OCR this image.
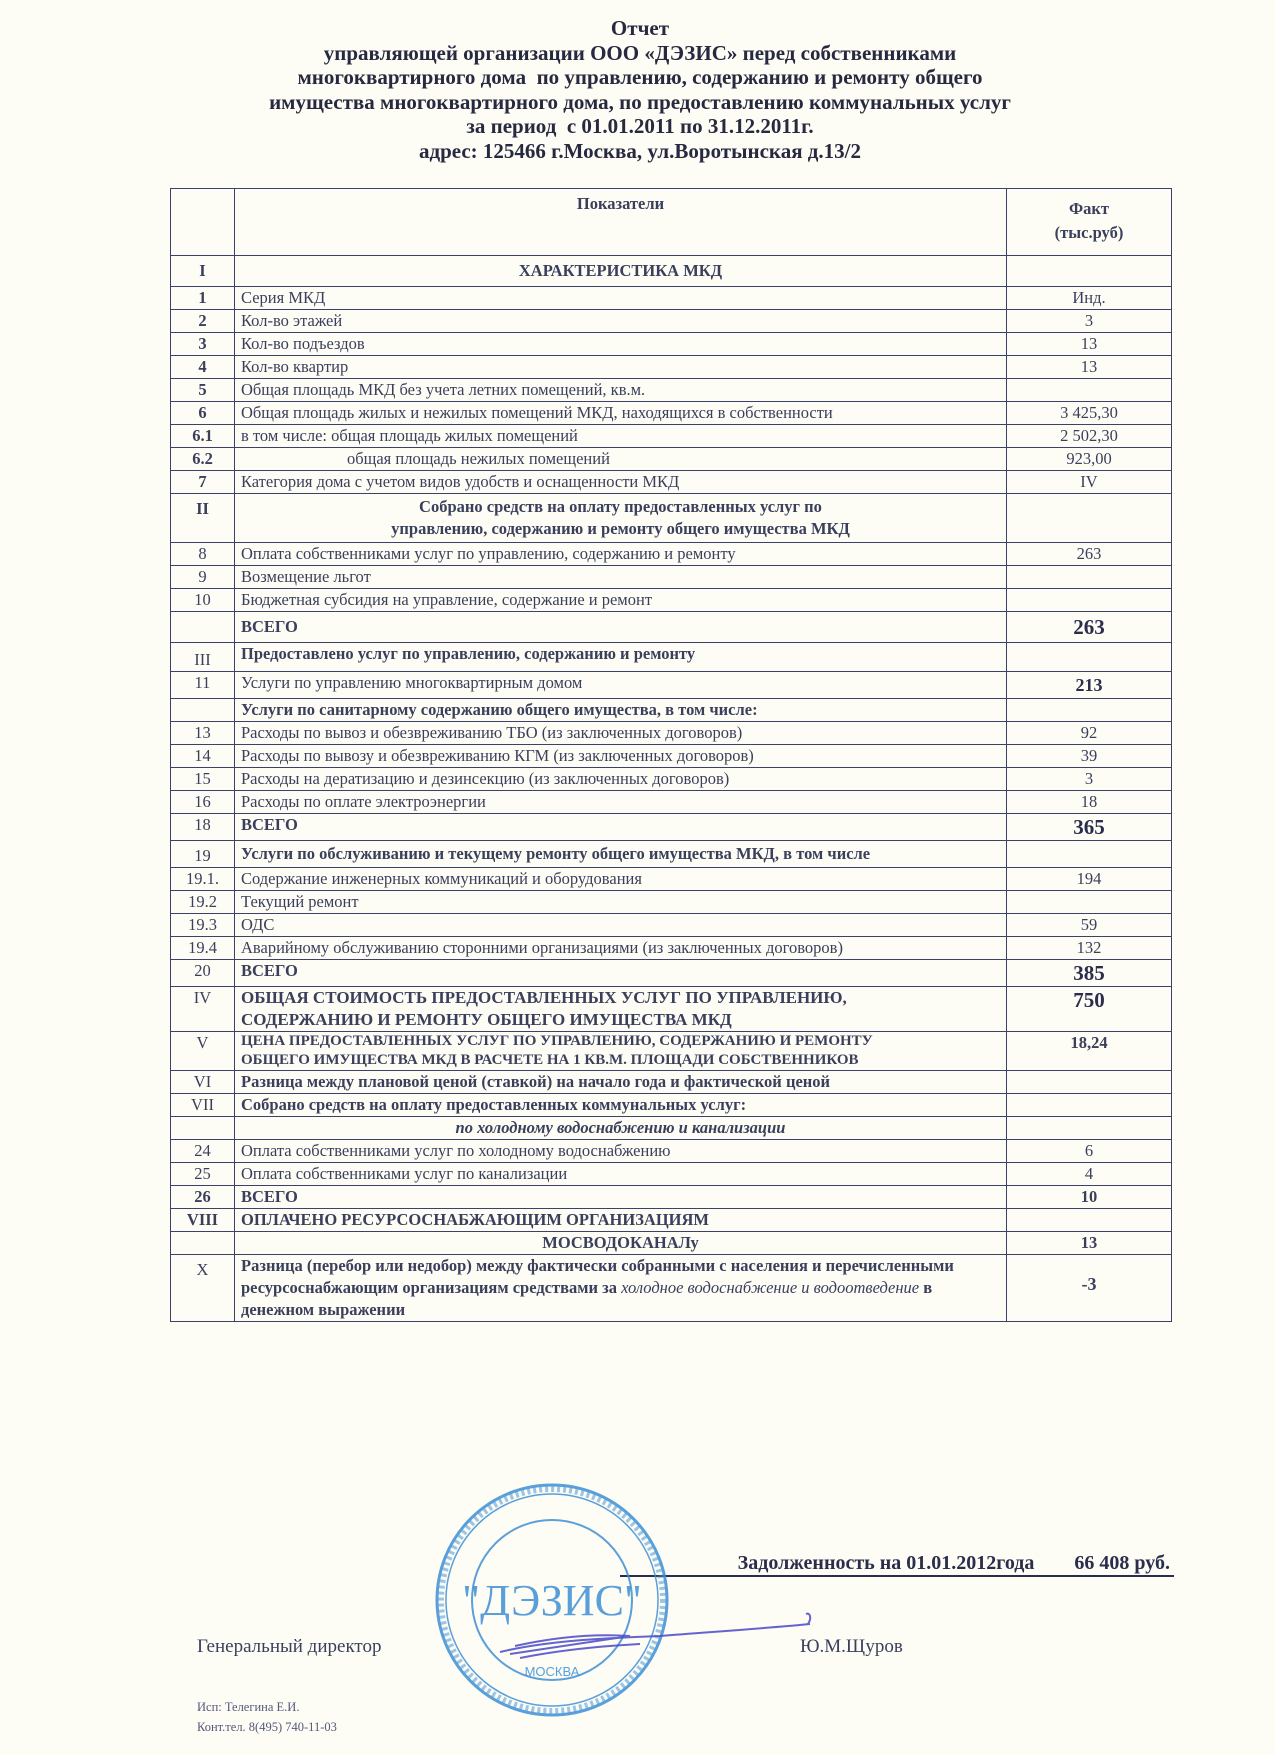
Отчет
управляющей организации ООО «ДЭЗИС» перед собственниками
многоквартирного дома  по управлению, содержанию и ремонту общего
имущества многоквартирного дома, по предоставлению коммунальных услуг
за период  с 01.01.2011 по 31.12.2011г.
адрес: 125466 г.Москва, ул.Воротынская д.13/2
	Показатели	Факт
(тыс.руб)

I	ХАРАКТЕРИСТИКА МКД	
1	Серия МКД	Инд.
2	Кол-во этажей	3
3	Кол-во подъездов	13
4	Кол-во квартир	13
5	Общая площадь МКД без учета летних помещений, кв.м.	
6	Общая площадь жилых и нежилых помещений МКД, находящихся в собственности	3 425,30
6.1	в том числе: общая площадь жилых помещений	2 502,30
6.2	общая площадь нежилых помещений	923,00
7	Категория дома с учетом видов удобств и оснащенности МКД	IV
II	Собрано средств на оплату предоставленных услуг по
управлению, содержанию и ремонту общего имущества МКД	

8	Оплата собственниками услуг по управлению, содержанию и ремонту	263
9	Возмещение льгот	
10	Бюджетная субсидия на управление, содержание и ремонт	
	ВСЕГО	263
III	Предоставлено услуг по управлению, содержанию и ремонту	
11	Услуги по управлению многоквартирным домом	213
	Услуги по санитарному содержанию общего имущества, в том числе:	
13	Расходы по вывоз и обезвреживанию ТБО (из заключенных договоров)	92
14	Расходы по вывозу и обезвреживанию КГМ (из заключенных договоров)	39
15	Расходы на дератизацию и дезинсекцию (из заключенных договоров)	3
16	Расходы по оплате электроэнергии	18
18	ВСЕГО	365
19	Услуги по обслуживанию и текущему ремонту общего имущества МКД, в том числе	
19.1.	Содержание инженерных коммуникаций и оборудования	194
19.2	Текущий ремонт	
19.3	ОДС	59
19.4	Аварийному обслуживанию сторонними организациями (из заключенных договоров)	132
20	ВСЕГО	385
IV	ОБЩАЯ СТОИМОСТЬ ПРЕДОСТАВЛЕННЫХ УСЛУГ ПО УПРАВЛЕНИЮ, СОДЕРЖАНИЮ И РЕМОНТУ ОБЩЕГО ИМУЩЕСТВА МКД	750
V	ЦЕНА ПРЕДОСТАВЛЕННЫХ УСЛУГ ПО УПРАВЛЕНИЮ, СОДЕРЖАНИЮ И РЕМОНТУ ОБЩЕГО ИМУЩЕСТВА МКД В РАСЧЕТЕ НА 1 КВ.М. ПЛОЩАДИ СОБСТВЕННИКОВ	18,24
VI	Разница между плановой ценой (ставкой) на начало года и фактической ценой	
VII	Собрано средств на оплату предоставленных коммунальных услуг:	
	по холодному водоснабжению и канализации	
24	Оплата собственниками услуг по холодному водоснабжению	6
25	Оплата собственниками услуг по канализации	4
26	ВСЕГО	10
VIII	ОПЛАЧЕНО РЕСУРСОСНАБЖАЮЩИМ ОРГАНИЗАЦИЯМ	
	МОСВОДОКАНАЛу	13
X	Разница (перебор или недобор) между фактически собранными с населения и перечисленными ресурсоснабжающим организациям средствами за холодное водоснабжение и водоотведение в денежном выражении	-3
Задолженность на 01.01.2012года 66 408 руб.
"ДЭЗИС"
МОСКВА
Генеральный директор	Ю.М.Щуров
Исп: Телегина Е.И.
Конт.тел. 8(495) 740-11-03
